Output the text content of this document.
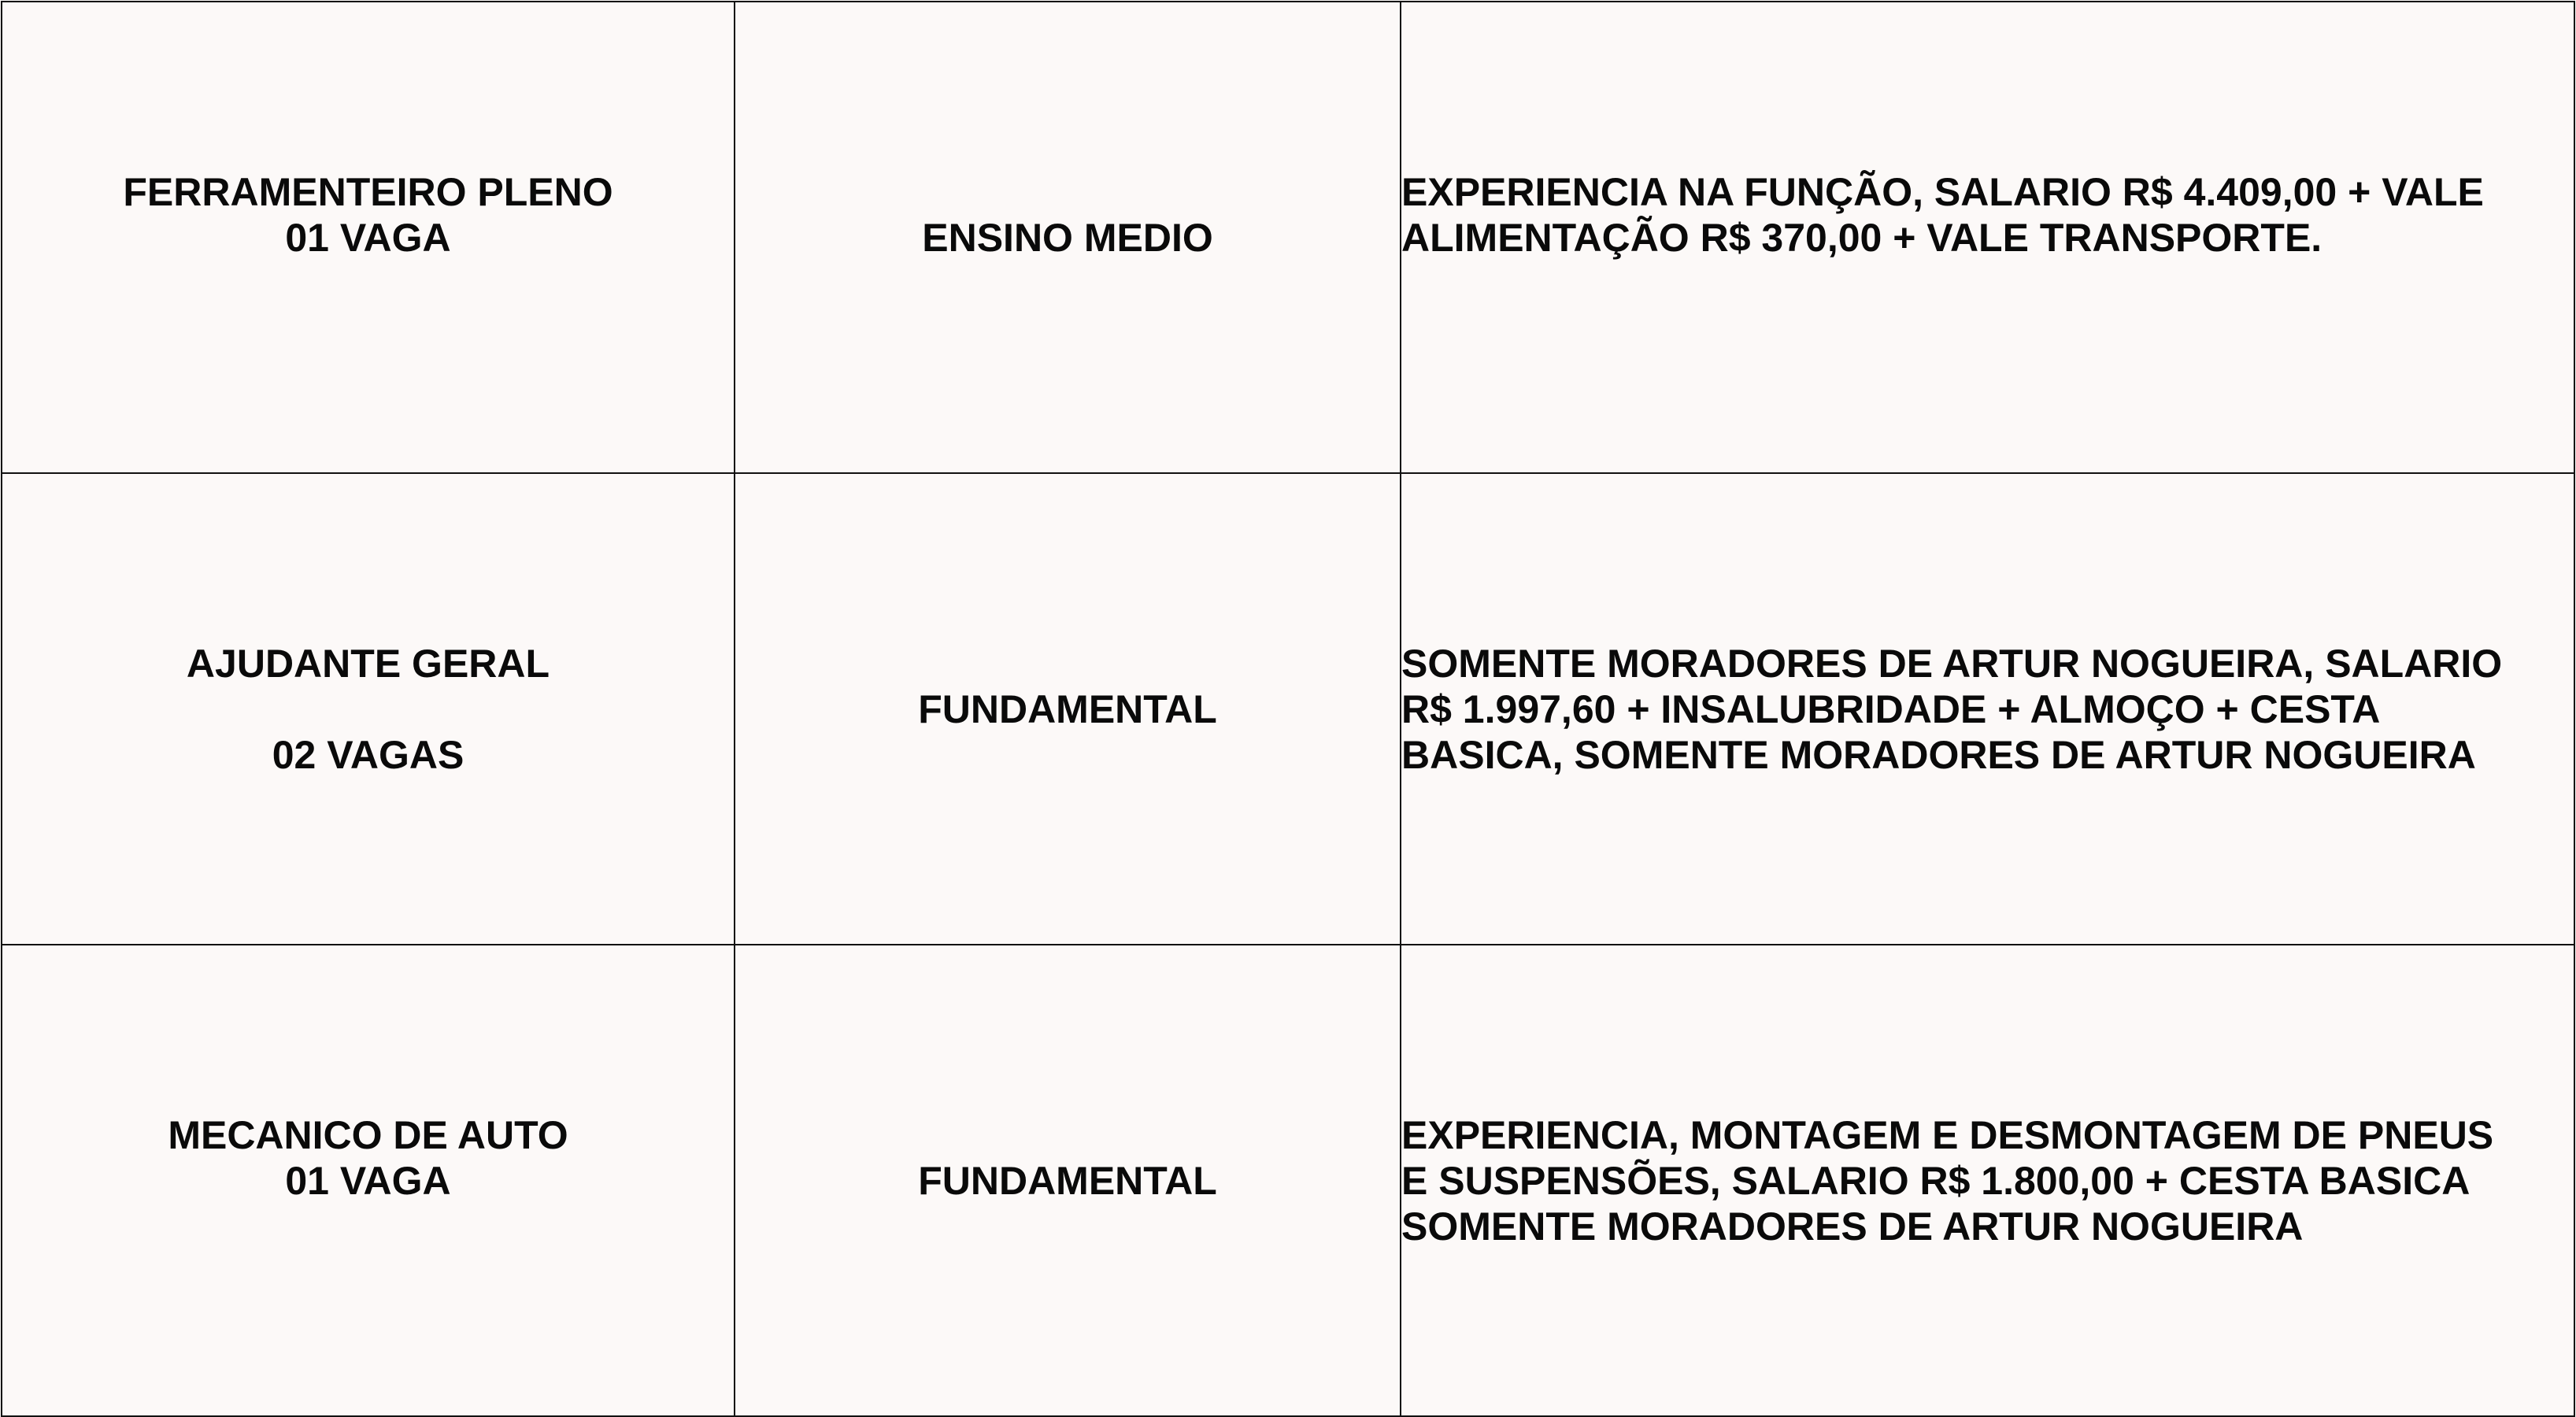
FERRAMENTEIRO PLENO
01 VAGA	ENSINO MEDIO	EXPERIENCIA NA FUNÇÃO, SALARIO R$ 4.409,00 + VALE
ALIMENTAÇÃO R$ 370,00 + VALE TRANSPORTE.

AJUDANTE GERAL
02 VAGAS	FUNDAMENTAL	SOMENTE MORADORES DE ARTUR NOGUEIRA, SALARIO
R$ 1.997,60 + INSALUBRIDADE + ALMOÇO + CESTA
BASICA, SOMENTE MORADORES DE ARTUR NOGUEIRA

MECANICO DE AUTO
01 VAGA	FUNDAMENTAL	EXPERIENCIA, MONTAGEM E DESMONTAGEM DE PNEUS
E SUSPENSÕES, SALARIO R$ 1.800,00 + CESTA BASICA
SOMENTE MORADORES DE ARTUR NOGUEIRA
